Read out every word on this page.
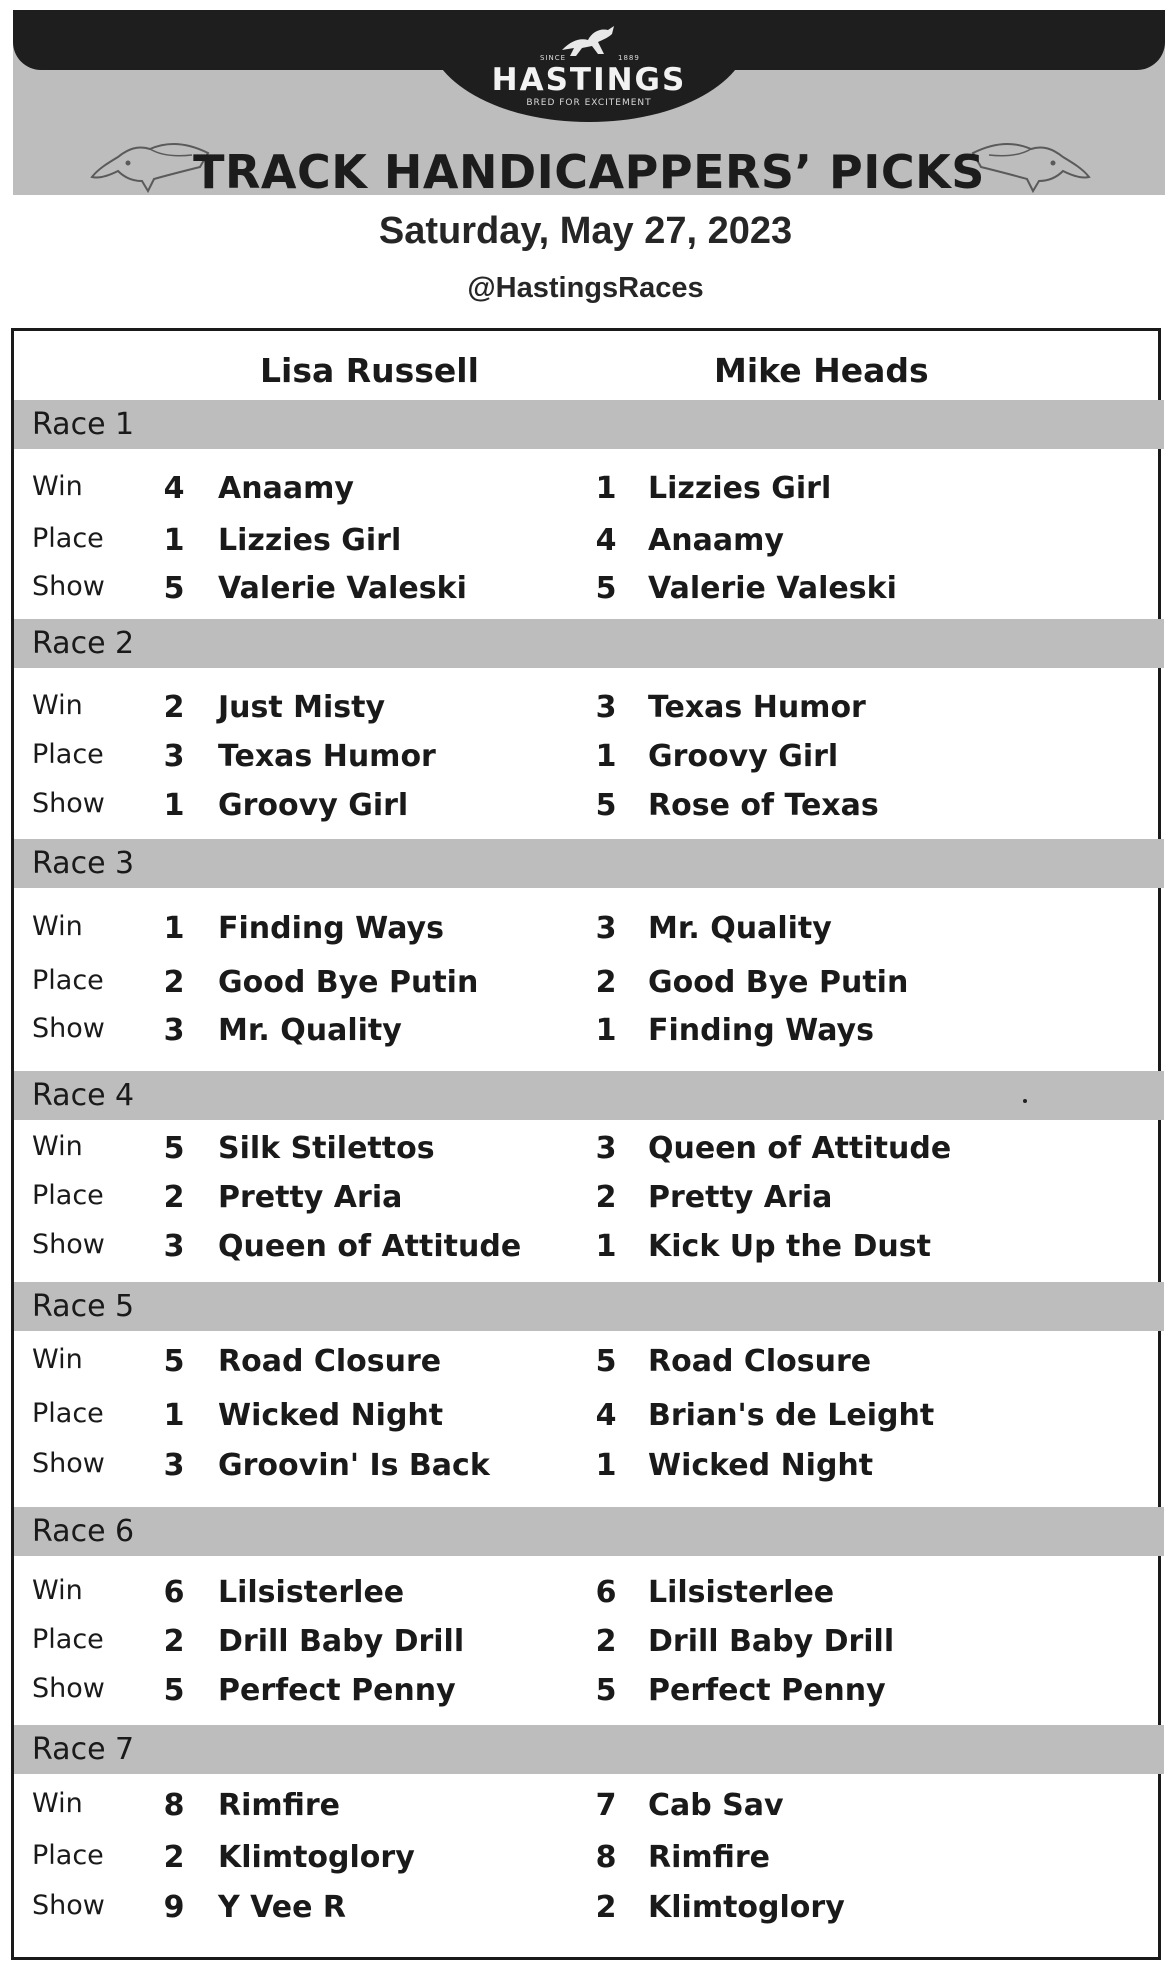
SINCE	1889
HASTINGS
BRED FOR EXCITEMENT
TRACK HANDICAPPERS’ PICKS
Saturday, May 27, 2023
@HastingsRaces
Lisa Russell	Mike Heads
Race 1
Win	4 Anaamy	1 Lizzies Girl
Place 1 Lizzies Girl	4 Anaamy
Show 5 Valerie Valeski	5 Valerie Valeski
Race 2
Win	2 Just Misty	3 Texas Humor
Place 3 Texas Humor	1 Groovy Girl
Show 1 Groovy Girl	5 Rose of Texas
Race 3
Win	1 Finding Ways	3 Mr. Quality
Place 2 Good Bye Putin	2 Good Bye Putin
Show 3 Mr. Quality	1 Finding Ways
Race 4
Win	5 Silk Stilettos	3 Queen of Attitude
Place 2 Pretty Aria	2 Pretty Aria
Show 3 Queen of Attitude 1 Kick Up the Dust
Race 5
Win	5 Road Closure	5 Road Closure
Place 1 Wicked Night	4 Brian's de Leight
Show 3 Groovin' Is Back	1 Wicked Night
Race 6
Win	6 Lilsisterlee	6 Lilsisterlee
Place 2 Drill Baby Drill	2 Drill Baby Drill
Show 5 Perfect Penny	5 Perfect Penny
Race 7
Win	8 Rimfire	7 Cab Sav
Place 2 Klimtoglory	8 Rimfire
Show 9 Y Vee R	2 Klimtoglory
